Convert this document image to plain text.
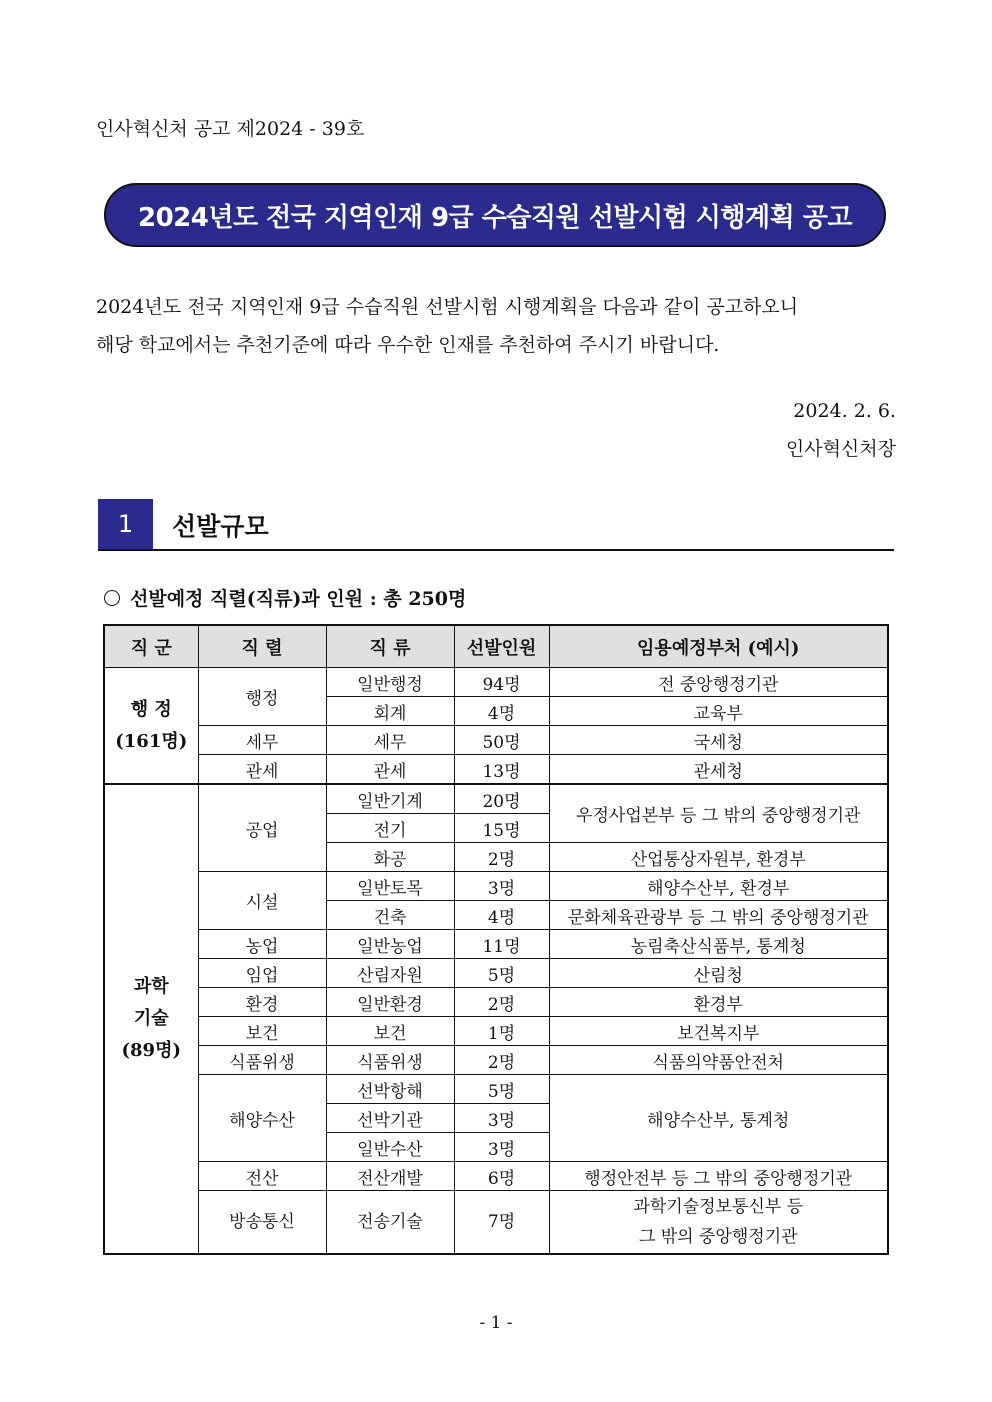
인사혁신처 공고 제2024 - 39호
2024년도 전국 지역인재 9급 수습직원 선발시험 시행계획 공고

2024년도 전국 지역인재 9급 수습직원 선발시험 시행계획을 다음과 같이 공고하오니

해당 학교에서는 추천기준에 따라 우수한 인재를 추천하여 주시기 바랍니다.

2024. 2. 6.
인사혁신처장
1	선발규모
선발예정 직렬(직류)과 인원 : 총 250명
직 군	직 렬	직 류	선발인원	임용예정부처 (예시)

행 정
(161명)	행정	일반행정	94명	전 중앙행정기관
		회계	4명	교육부
	세무	세무	50명	국세청
	관세	관세	13명	관세청

과학
기술
(89명)	공업	일반기계	20명	우정사업본부 등 그 밖의 중앙행정기관
		전기	15명	
		화공	2명	산업통상자원부, 환경부
	시설	일반토목	3명	해양수산부, 환경부
		건축	4명	문화체육관광부 등 그 밖의 중앙행정기관
	농업	일반농업	11명	농림축산식품부, 통계청
	임업	산림자원	5명	산림청
	환경	일반환경	2명	환경부
	보건	보건	1명	보건복지부
	식품위생	식품위생	2명	식품의약품안전처
	해양수산	선박항해	5명	해양수산부, 통계청
		선박기관	3명	
		일반수산	3명	
	전산	전산개발	6명	행정안전부 등 그 밖의 중앙행정기관
	방송통신	전송기술	7명	과학기술정보통신부 등
그 밖의 중앙행정기관
- 1 -
